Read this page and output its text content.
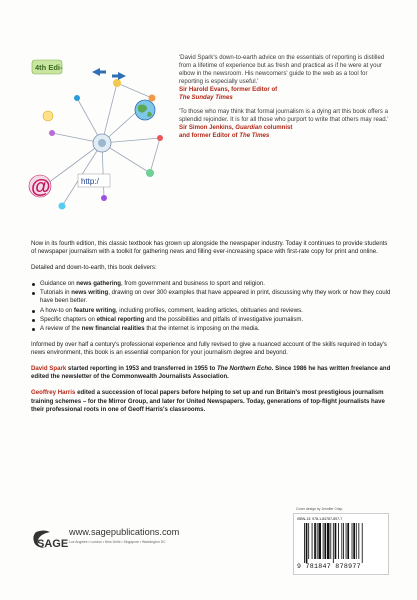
4th Edi-
http:/
@

'David Spark's down-to-earth advice on the essentials of reporting is distilled from a lifetime of experience but as fresh and practical as if he were at your elbow in the newsroom. His newcomers' guide to the web as a tool for reporting is especially useful.'

Sir Harold Evans, former Editor of
The Sunday Times

'To those who may think that formal journalism is a dying art this book offers a splendid rejoinder. It is for all those who purport to write that others may read.'

Sir Simon Jenkins, Guardian columnist
and former Editor of The Times

Now in its fourth edition, this classic textbook has grown up alongside the newspaper industry. Today it continues to provide students of newspaper journalism with a toolkit for gathering news and filling ever-increasing space with first-rate copy for print and online.

Detailed and down-to-earth, this book delivers:

Guidance on news gathering, from government and business to sport and religion.
Tutorials in news writing, drawing on over 300 examples that have appeared in print, discussing why they work or how they could have been better.
A how-to on feature writing, including profiles, comment, leading articles, obituaries and reviews.
Specific chapters on ethical reporting and the possibilities and pitfalls of investigative journalism.
A review of the new financial realities that the internet is imposing on the media.

Informed by over half a century's professional experience and fully revised to give a nuanced account of the skills required in today's news environment, this book is an essential companion for your journalism degree and beyond.

David Spark started reporting in 1953 and transferred in 1955 to The Northern Echo. Since 1986 he has written freelance and edited the newsletter of the Commonwealth Journalists Association.

Geoffrey Harris edited a succession of local papers before helping to set up and run Britain's most prestigious journalism training schemes – for the Mirror Group, and later for United Newspapers. Today, generations of top-flight journalists have their professional roots in one of Geoff Harris's classrooms.

Cover design by Jennifer Crisp
ISBN-13: 978-1-84787-897-7
9 781847 878977
SAGE
www.sagepublications.com
Los Angeles • London • New Delhi • Singapore • Washington DC
